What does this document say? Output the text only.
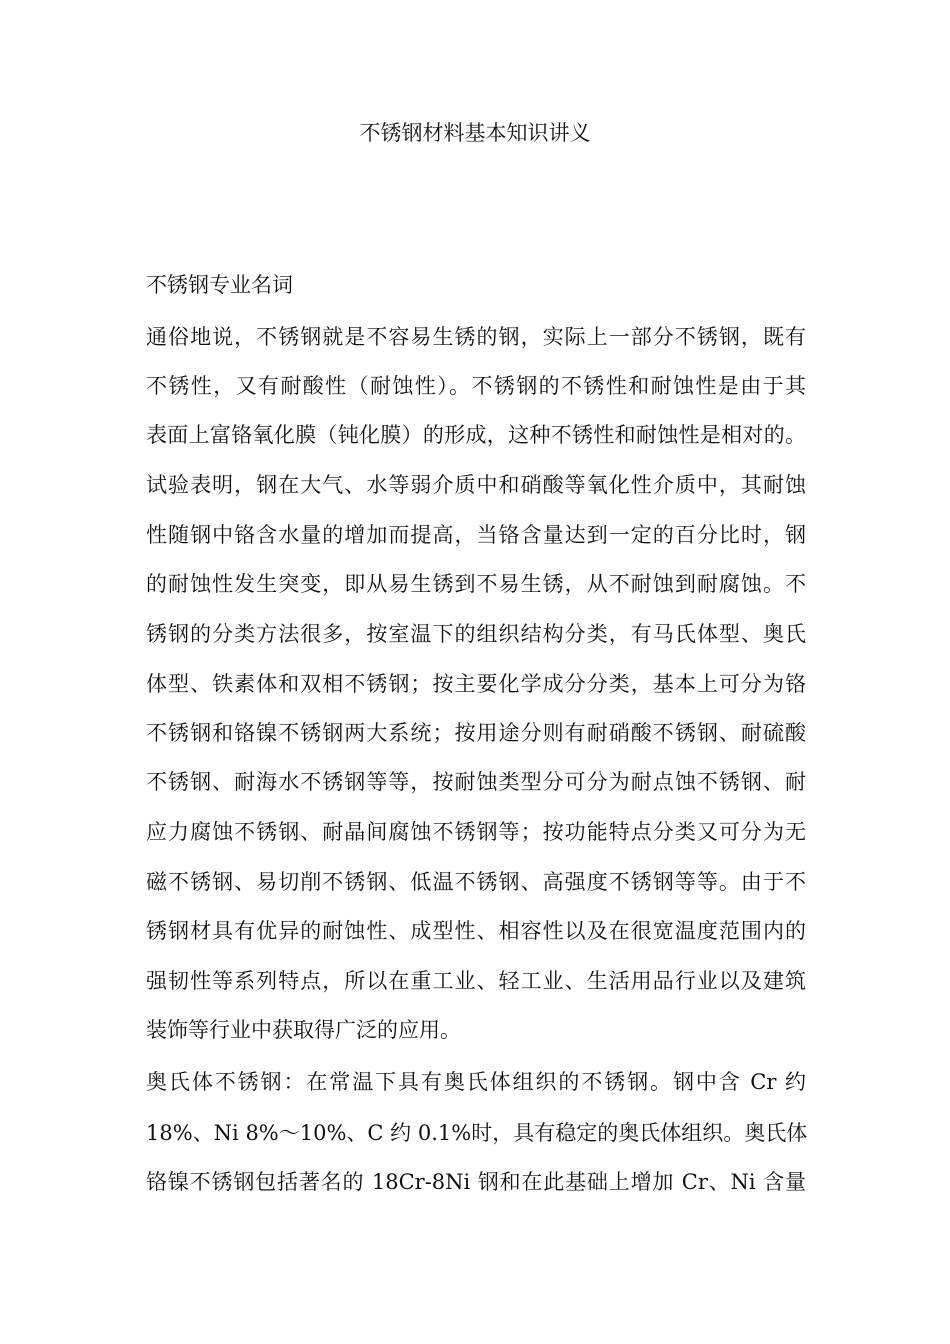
不锈钢材料基本知识讲义

不锈钢专业名词

通俗地说，不锈钢就是不容易生锈的钢，实际上一部分不锈钢，既有

不锈性，又有耐酸性（耐蚀性）。不锈钢的不锈性和耐蚀性是由于其

表面上富铬氧化膜（钝化膜）的形成，这种不锈性和耐蚀性是相对的。

试验表明，钢在大气、水等弱介质中和硝酸等氧化性介质中，其耐蚀

性随钢中铬含水量的增加而提高，当铬含量达到一定的百分比时，钢

的耐蚀性发生突变，即从易生锈到不易生锈，从不耐蚀到耐腐蚀。不

锈钢的分类方法很多，按室温下的组织结构分类，有马氏体型、奥氏

体型、铁素体和双相不锈钢；按主要化学成分分类，基本上可分为铬

不锈钢和铬镍不锈钢两大系统；按用途分则有耐硝酸不锈钢、耐硫酸

不锈钢、耐海水不锈钢等等，按耐蚀类型分可分为耐点蚀不锈钢、耐

应力腐蚀不锈钢、耐晶间腐蚀不锈钢等；按功能特点分类又可分为无

磁不锈钢、易切削不锈钢、低温不锈钢、高强度不锈钢等等。由于不

锈钢材具有优异的耐蚀性、成型性、相容性以及在很宽温度范围内的

强韧性等系列特点，所以在重工业、轻工业、生活用品行业以及建筑

装饰等行业中获取得广泛的应用。

奥氏体不锈钢：在常温下具有奥氏体组织的不锈钢。钢中含 Cr 约

18%、Ni 8%～10%、C 约 0.1%时，具有稳定的奥氏体组织。奥氏体

铬镍不锈钢包括著名的 18Cr-8Ni 钢和在此基础上增加 Cr、Ni 含量
